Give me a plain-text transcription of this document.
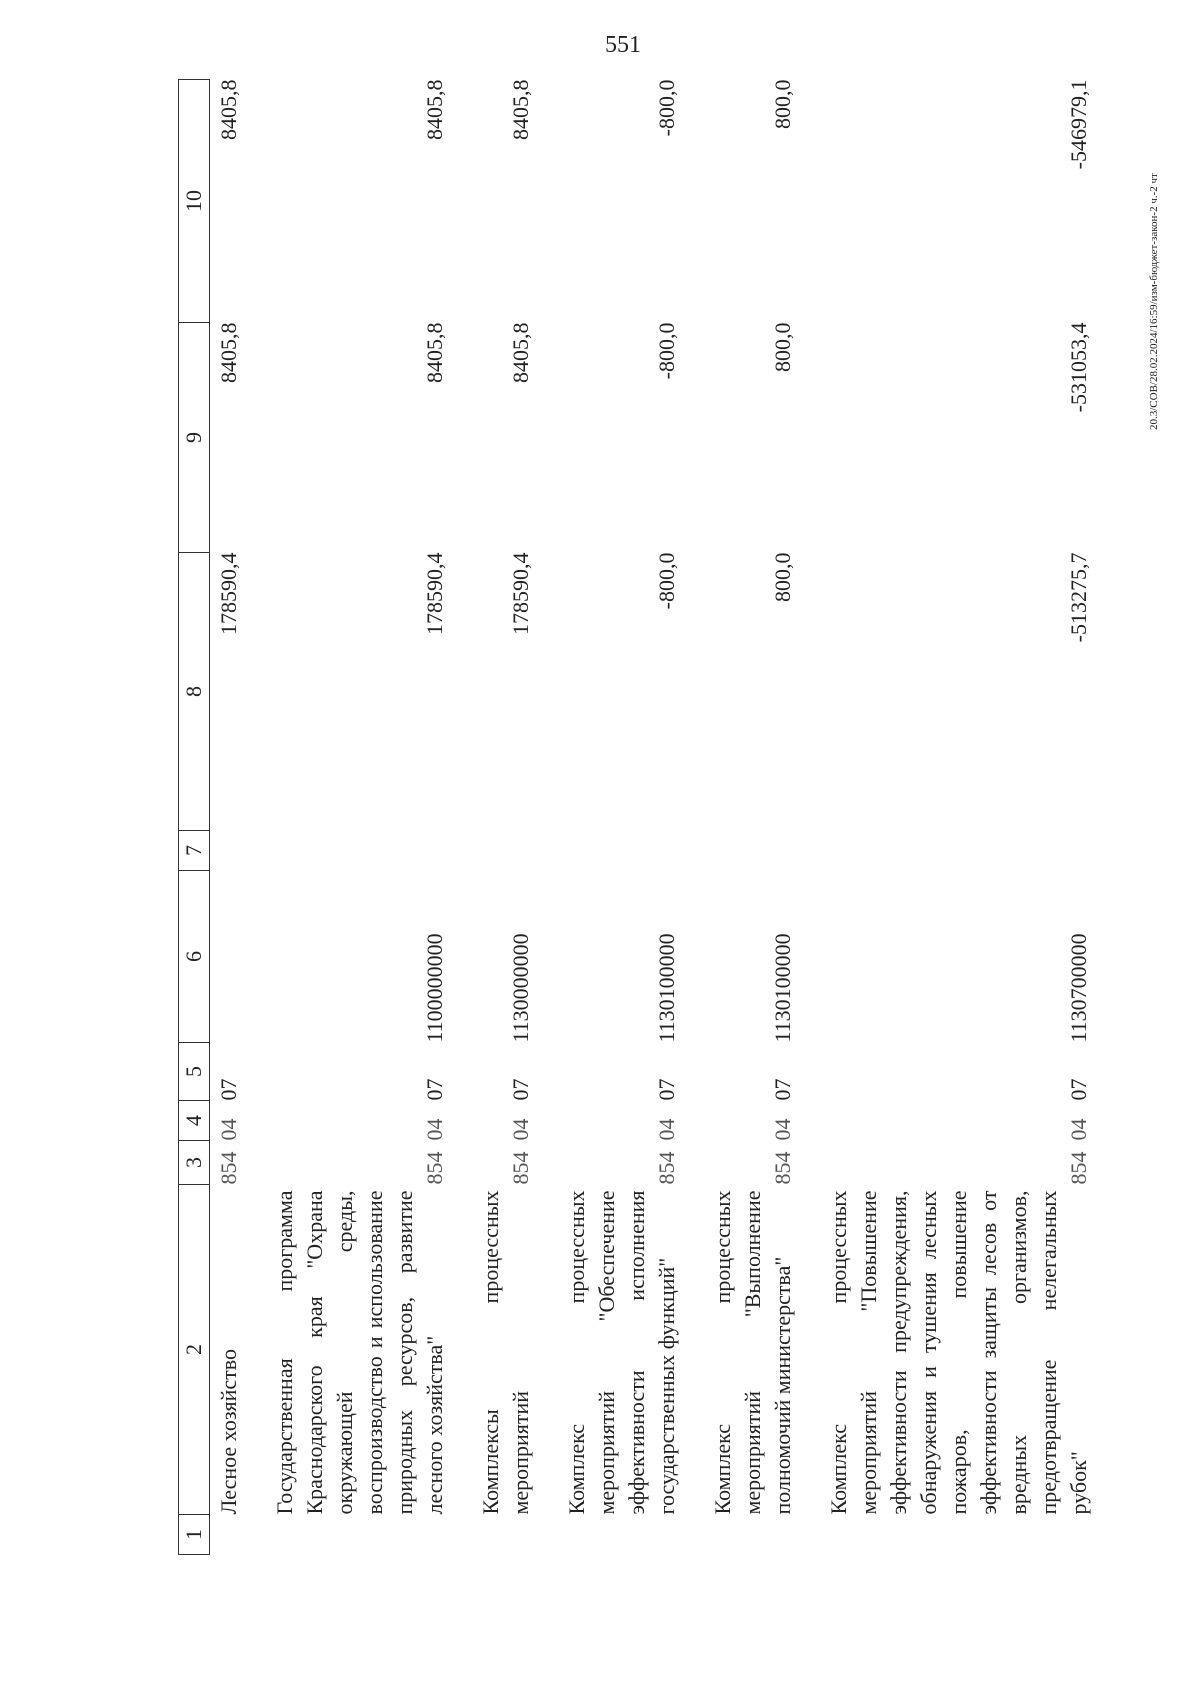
551
20.3/СОВ/28.02.2024/16:59/изм-бюджет-закон-2 ч.-2 чт
1	2	3	4	5	6	7	8	9	10
	Лесное хозяйство	854	04	07			178590,4	8405,8	8405,8
	Государственная программа Краснодарского края "Охрана окружающей среды, воспроизводство и использование природных ресурсов, развитие лесного хозяйства"	854	04	07	1100000000		178590,4	8405,8	8405,8
	Комплексы процессных мероприятий	854	04	07	1130000000		178590,4	8405,8	8405,8
	Комплекс процессных мероприятий "Обеспечение эффективности исполнения государственных функций"	854	04	07	1130100000		-800,0	-800,0	-800,0
	Комплекс процессных мероприятий "Выполнение полномочий министерства"	854	04	07	1130100000		800,0	800,0	800,0
	Комплекс процессных мероприятий "Повышение эффективности предупреждения, обнаружения и тушения лесных пожаров, повышение эффективности защиты лесов от вредных организмов, предотвращение нелегальных рубок"	854	04	07	1130700000		-513275,7	-531053,4	-546979,1
